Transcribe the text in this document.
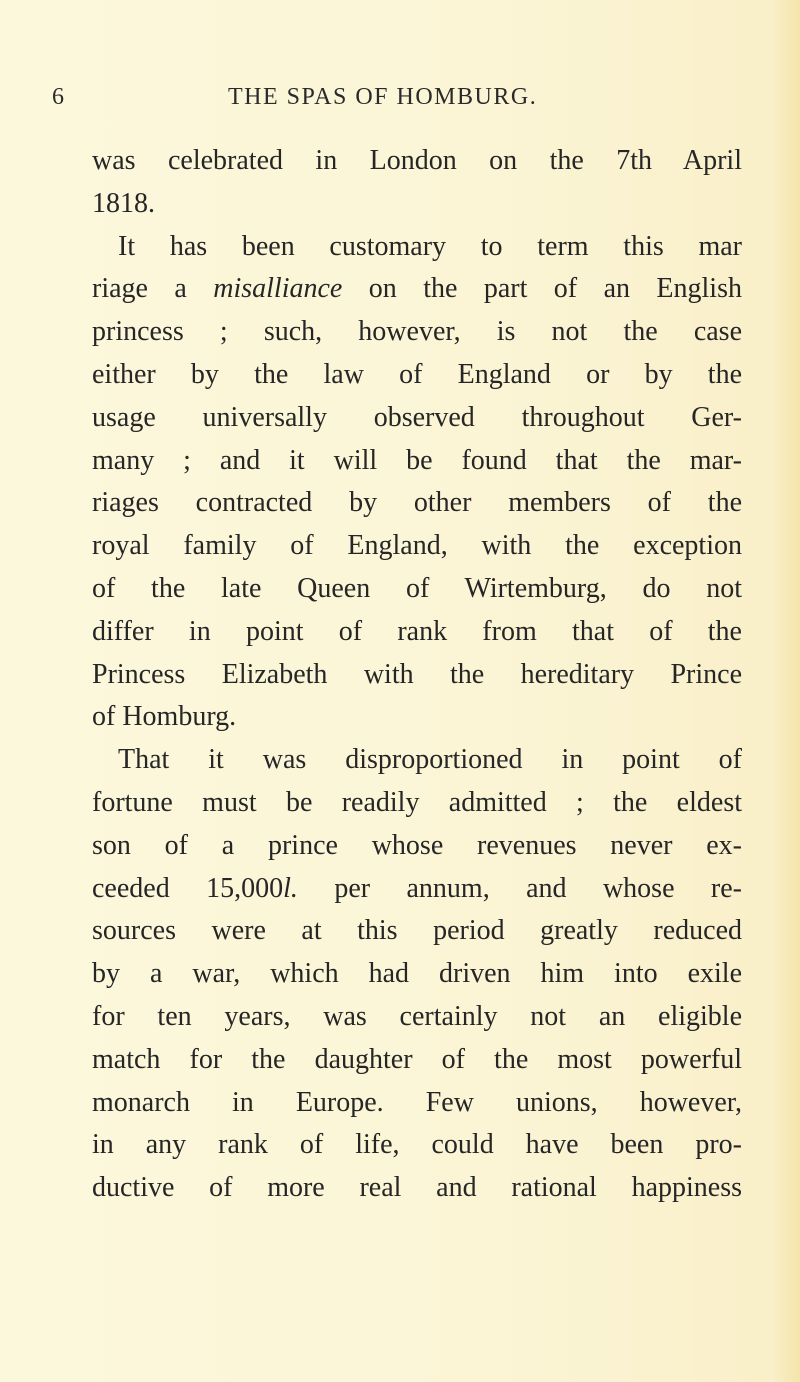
6	THE SPAS OF HOMBURG.
was celebrated in London on the 7th April
1818.
It has been customary to term this mar
riage a misalliance on the part of an English
princess ; such, however, is not the case
either by the law of England or by the
usage universally observed throughout Ger-
many ; and it will be found that the mar-
riages contracted by other members of the
royal family of England, with the exception
of the late Queen of Wirtemburg, do not
differ in point of rank from that of the
Princess Elizabeth with the hereditary Prince
of Homburg.
That it was disproportioned in point of
fortune must be readily admitted ; the eldest
son of a prince whose revenues never ex-
ceeded 15,000l. per annum, and whose re-
sources were at this period greatly reduced
by a war, which had driven him into exile
for ten years, was certainly not an eligible
match for the daughter of the most powerful
monarch in Europe. Few unions, however,
in any rank of life, could have been pro-
ductive of more real and rational happiness
